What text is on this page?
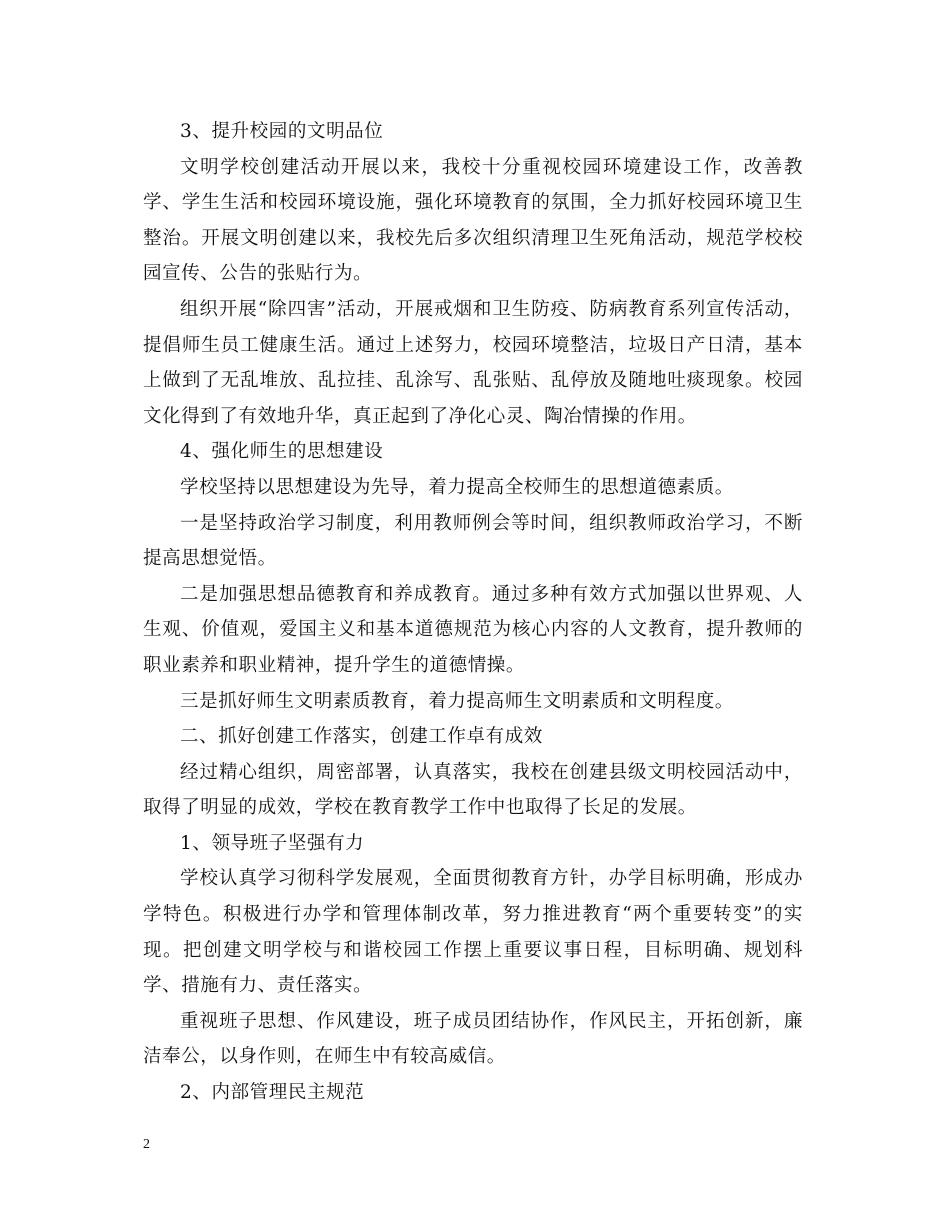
3、提升校园的文明品位

文明学校创建活动开展以来，我校十分重视校园环境建设工作，改善教学、学生生活和校园环境设施，强化环境教育的氛围，全力抓好校园环境卫生整治。开展文明创建以来，我校先后多次组织清理卫生死角活动，规范学校校园宣传、公告的张贴行为。

组织开展“除四害”活动，开展戒烟和卫生防疫、防病教育系列宣传活动，提倡师生员工健康生活。通过上述努力，校园环境整洁，垃圾日产日清，基本上做到了无乱堆放、乱拉挂、乱涂写、乱张贴、乱停放及随地吐痰现象。校园文化得到了有效地升华，真正起到了净化心灵、陶冶情操的作用。

4、强化师生的思想建设

学校坚持以思想建设为先导，着力提高全校师生的思想道德素质。

一是坚持政治学习制度，利用教师例会等时间，组织教师政治学习，不断提高思想觉悟。

二是加强思想品德教育和养成教育。通过多种有效方式加强以世界观、人生观、价值观，爱国主义和基本道德规范为核心内容的人文教育，提升教师的职业素养和职业精神，提升学生的道德情操。

三是抓好师生文明素质教育，着力提高师生文明素质和文明程度。

二、抓好创建工作落实，创建工作卓有成效

经过精心组织，周密部署，认真落实，我校在创建县级文明校园活动中，取得了明显的成效，学校在教育教学工作中也取得了长足的发展。

1、领导班子坚强有力

学校认真学习彻科学发展观，全面贯彻教育方针，办学目标明确，形成办学特色。积极进行办学和管理体制改革，努力推进教育“两个重要转变”的实现。把创建文明学校与和谐校园工作摆上重要议事日程，目标明确、规划科学、措施有力、责任落实。

重视班子思想、作风建设，班子成员团结协作，作风民主，开拓创新，廉洁奉公，以身作则，在师生中有较高威信。

2、内部管理民主规范

2
